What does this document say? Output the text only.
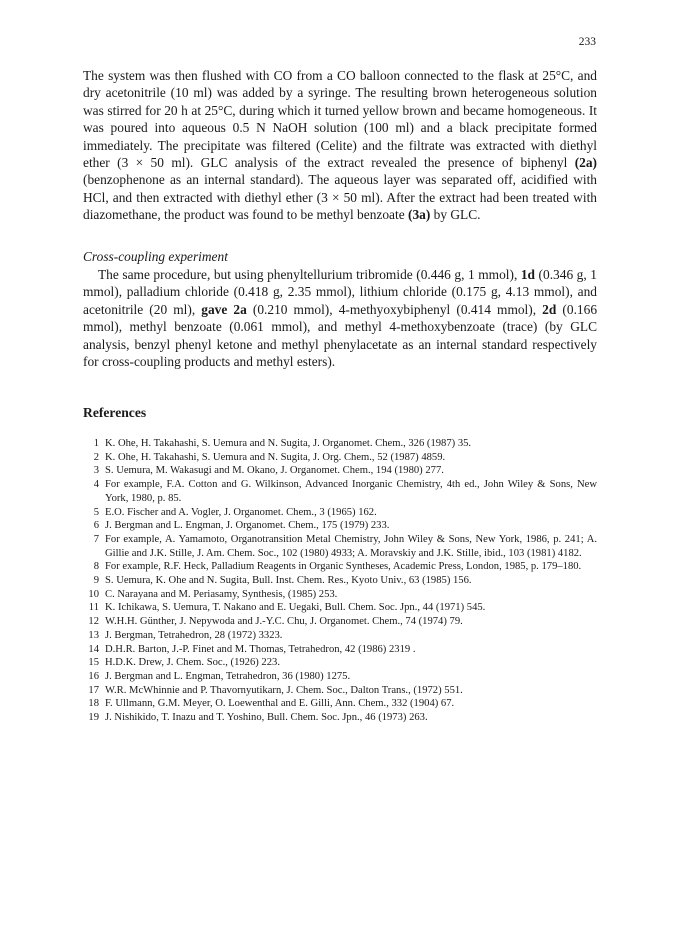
233

The system was then flushed with CO from a CO balloon connected to the flask at 25°C, and dry acetonitrile (10 ml) was added by a syringe. The resulting brown heterogeneous solution was stirred for 20 h at 25°C, during which it turned yellow brown and became homogeneous. It was poured into aqueous 0.5 N NaOH solution (100 ml) and a black precipitate formed immediately. The precipitate was filtered (Celite) and the filtrate was extracted with diethyl ether (3 × 50 ml). GLC analysis of the extract revealed the presence of biphenyl (2a) (benzophenone as an internal standard). The aqueous layer was separated off, acidified with HCl, and then extracted with diethyl ether (3 × 50 ml). After the extract had been treated with diazomethane, the product was found to be methyl benzoate (3a) by GLC.

Cross-coupling experiment

The same procedure, but using phenyltellurium tribromide (0.446 g, 1 mmol), 1d (0.346 g, 1 mmol), palladium chloride (0.418 g, 2.35 mmol), lithium chloride (0.175 g, 4.13 mmol), and acetonitrile (20 ml), gave 2a (0.210 mmol), 4-methyoxybiphenyl (0.414 mmol), 2d (0.166 mmol), methyl benzoate (0.061 mmol), and methyl 4-methoxybenzoate (trace) (by GLC analysis, benzyl phenyl ketone and methyl phenylacetate as an internal standard respectively for cross-coupling products and methyl esters).

References

1 K. Ohe, H. Takahashi, S. Uemura and N. Sugita, J. Organomet. Chem., 326 (1987) 35.
2 K. Ohe, H. Takahashi, S. Uemura and N. Sugita, J. Org. Chem., 52 (1987) 4859.
3 S. Uemura, M. Wakasugi and M. Okano, J. Organomet. Chem., 194 (1980) 277.
4 For example, F.A. Cotton and G. Wilkinson, Advanced Inorganic Chemistry, 4th ed., John Wiley & Sons, New York, 1980, p. 85.
5 E.O. Fischer and A. Vogler, J. Organomet. Chem., 3 (1965) 162.
6 J. Bergman and L. Engman, J. Organomet. Chem., 175 (1979) 233.
7 For example, A. Yamamoto, Organotransition Metal Chemistry, John Wiley & Sons, New York, 1986, p. 241; A. Gillie and J.K. Stille, J. Am. Chem. Soc., 102 (1980) 4933; A. Moravskiy and J.K. Stille, ibid., 103 (1981) 4182.
8 For example, R.F. Heck, Palladium Reagents in Organic Syntheses, Academic Press, London, 1985, p. 179–180.
9 S. Uemura, K. Ohe and N. Sugita, Bull. Inst. Chem. Res., Kyoto Univ., 63 (1985) 156.
10 C. Narayana and M. Periasamy, Synthesis, (1985) 253.
11 K. Ichikawa, S. Uemura, T. Nakano and E. Uegaki, Bull. Chem. Soc. Jpn., 44 (1971) 545.
12 W.H.H. Günther, J. Nepywoda and J.-Y.C. Chu, J. Organomet. Chem., 74 (1974) 79.
13 J. Bergman, Tetrahedron, 28 (1972) 3323.
14 D.H.R. Barton, J.-P. Finet and M. Thomas, Tetrahedron, 42 (1986) 2319 .
15 H.D.K. Drew, J. Chem. Soc., (1926) 223.
16 J. Bergman and L. Engman, Tetrahedron, 36 (1980) 1275.
17 W.R. McWhinnie and P. Thavornyutikarn, J. Chem. Soc., Dalton Trans., (1972) 551.
18 F. Ullmann, G.M. Meyer, O. Loewenthal and E. Gilli, Ann. Chem., 332 (1904) 67.
19 J. Nishikido, T. Inazu and T. Yoshino, Bull. Chem. Soc. Jpn., 46 (1973) 263.
